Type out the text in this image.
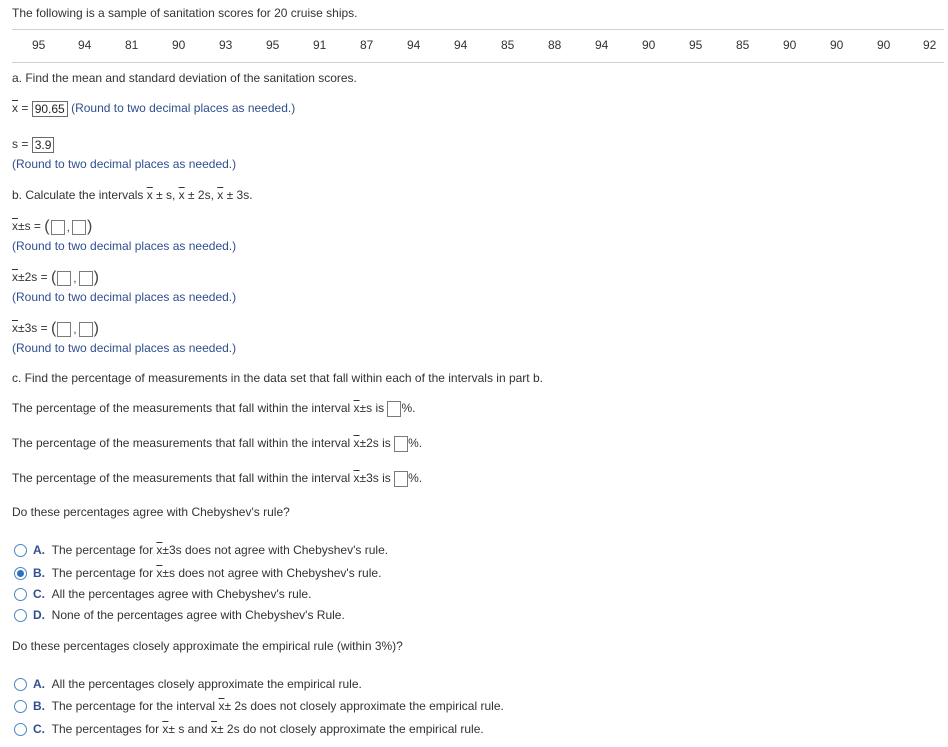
The following is a sample of sanitation scores for 20 cruise ships.
95	94	81	90	93	95	91	87	94	94	85	88	94	90	95	85	90	90	90	92
a. Find the mean and standard deviation of the sanitation scores.
$\overline{x} = 90.65$ (Round to two decimal places as needed.)
s = 3.9
(Round to two decimal places as needed.)
b. Calculate the intervals $\overline{x} \pm s$, $\overline{x} \pm 2s$, $\overline{x} \pm 3s$.
$\overline{x}\pm s$ = ( , )
(Round to two decimal places as needed.)
$\overline{x}\pm 2s$ = ( , )
(Round to two decimal places as needed.)
$\overline{x}\pm 3s$ = ( , )
(Round to two decimal places as needed.)
c. Find the percentage of measurements in the data set that fall within each of the intervals in part b.
The percentage of the measurements that fall within the interval $\overline{x}\pm s$ is %.
The percentage of the measurements that fall within the interval $\overline{x}\pm 2s$ is %.
The percentage of the measurements that fall within the interval $\overline{x}\pm 3s$ is %.
Do these percentages agree with Chebyshev's rule?
A. The percentage for $\overline{x}\pm 3s$ does not agree with Chebyshev's rule.
B. The percentage for $\overline{x}\pm s$ does not agree with Chebyshev's rule.
C. All the percentages agree with Chebyshev's rule.
D. None of the percentages agree with Chebyshev's Rule.
Do these percentages closely approximate the empirical rule (within 3%)?
A. All the percentages closely approximate the empirical rule.
B. The percentage for the interval $\overline{x}\pm 2s$ does not closely approximate the empirical rule.
C. The percentages for $\overline{x}\pm s$ and $\overline{x}\pm 2s$ do not closely approximate the empirical rule.
